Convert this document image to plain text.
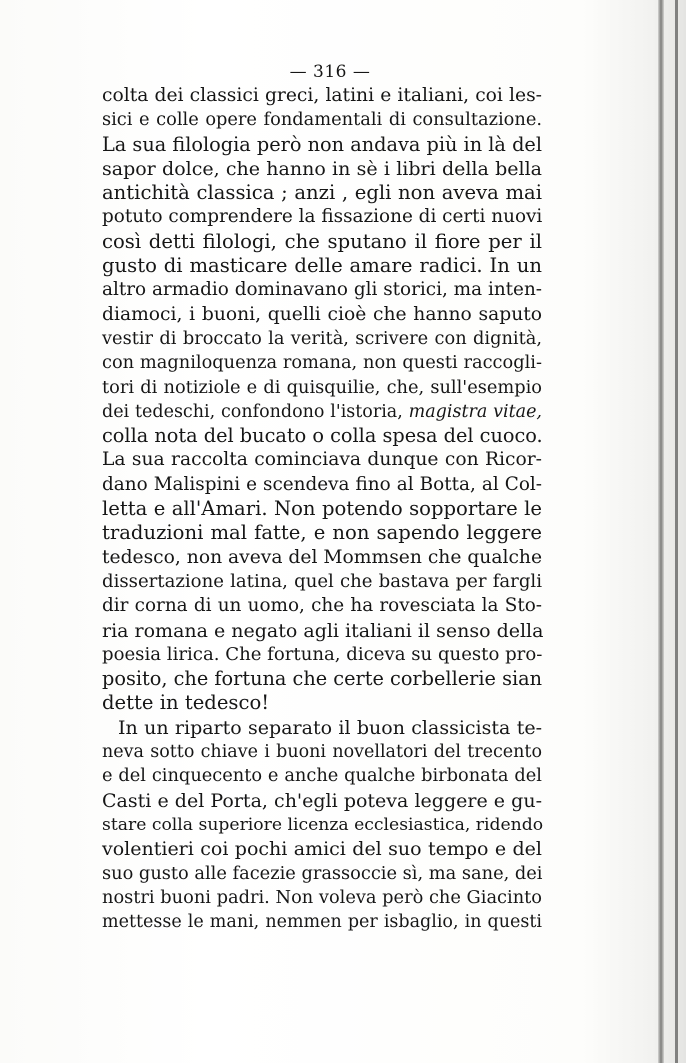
— 316 —
colta dei classici greci, latini e italiani, coi les-
sici e colle opere fondamentali di consultazione.
La sua filologia però non andava più in là del
sapor dolce, che hanno in sè i libri della bella
antichità classica ; anzi , egli non aveva mai
potuto comprendere la fissazione di certi nuovi
così detti filologi, che sputano il fiore per il
gusto di masticare delle amare radici. In un
altro armadio dominavano gli storici, ma inten-
diamoci, i buoni, quelli cioè che hanno saputo
vestir di broccato la verità, scrivere con dignità,
con magniloquenza romana, non questi raccogli-
tori di notiziole e di quisquilie, che, sull'esempio
dei tedeschi, confondono l'istoria, magistra vitae,
colla nota del bucato o colla spesa del cuoco.
La sua raccolta cominciava dunque con Ricor-
dano Malispini e scendeva fino al Botta, al Col-
letta e all'Amari. Non potendo sopportare le
traduzioni mal fatte, e non sapendo leggere
tedesco, non aveva del Mommsen che qualche
dissertazione latina, quel che bastava per fargli
dir corna di un uomo, che ha rovesciata la Sto-
ria romana e negato agli italiani il senso della
poesia lirica. Che fortuna, diceva su questo pro-
posito, che fortuna che certe corbellerie sian
dette in tedesco!
In un riparto separato il buon classicista te-
neva sotto chiave i buoni novellatori del trecento
e del cinquecento e anche qualche birbonata del
Casti e del Porta, ch'egli poteva leggere e gu-
stare colla superiore licenza ecclesiastica, ridendo
volentieri coi pochi amici del suo tempo e del
suo gusto alle facezie grassoccie sì, ma sane, dei
nostri buoni padri. Non voleva però che Giacinto
mettesse le mani, nemmen per isbaglio, in questi
